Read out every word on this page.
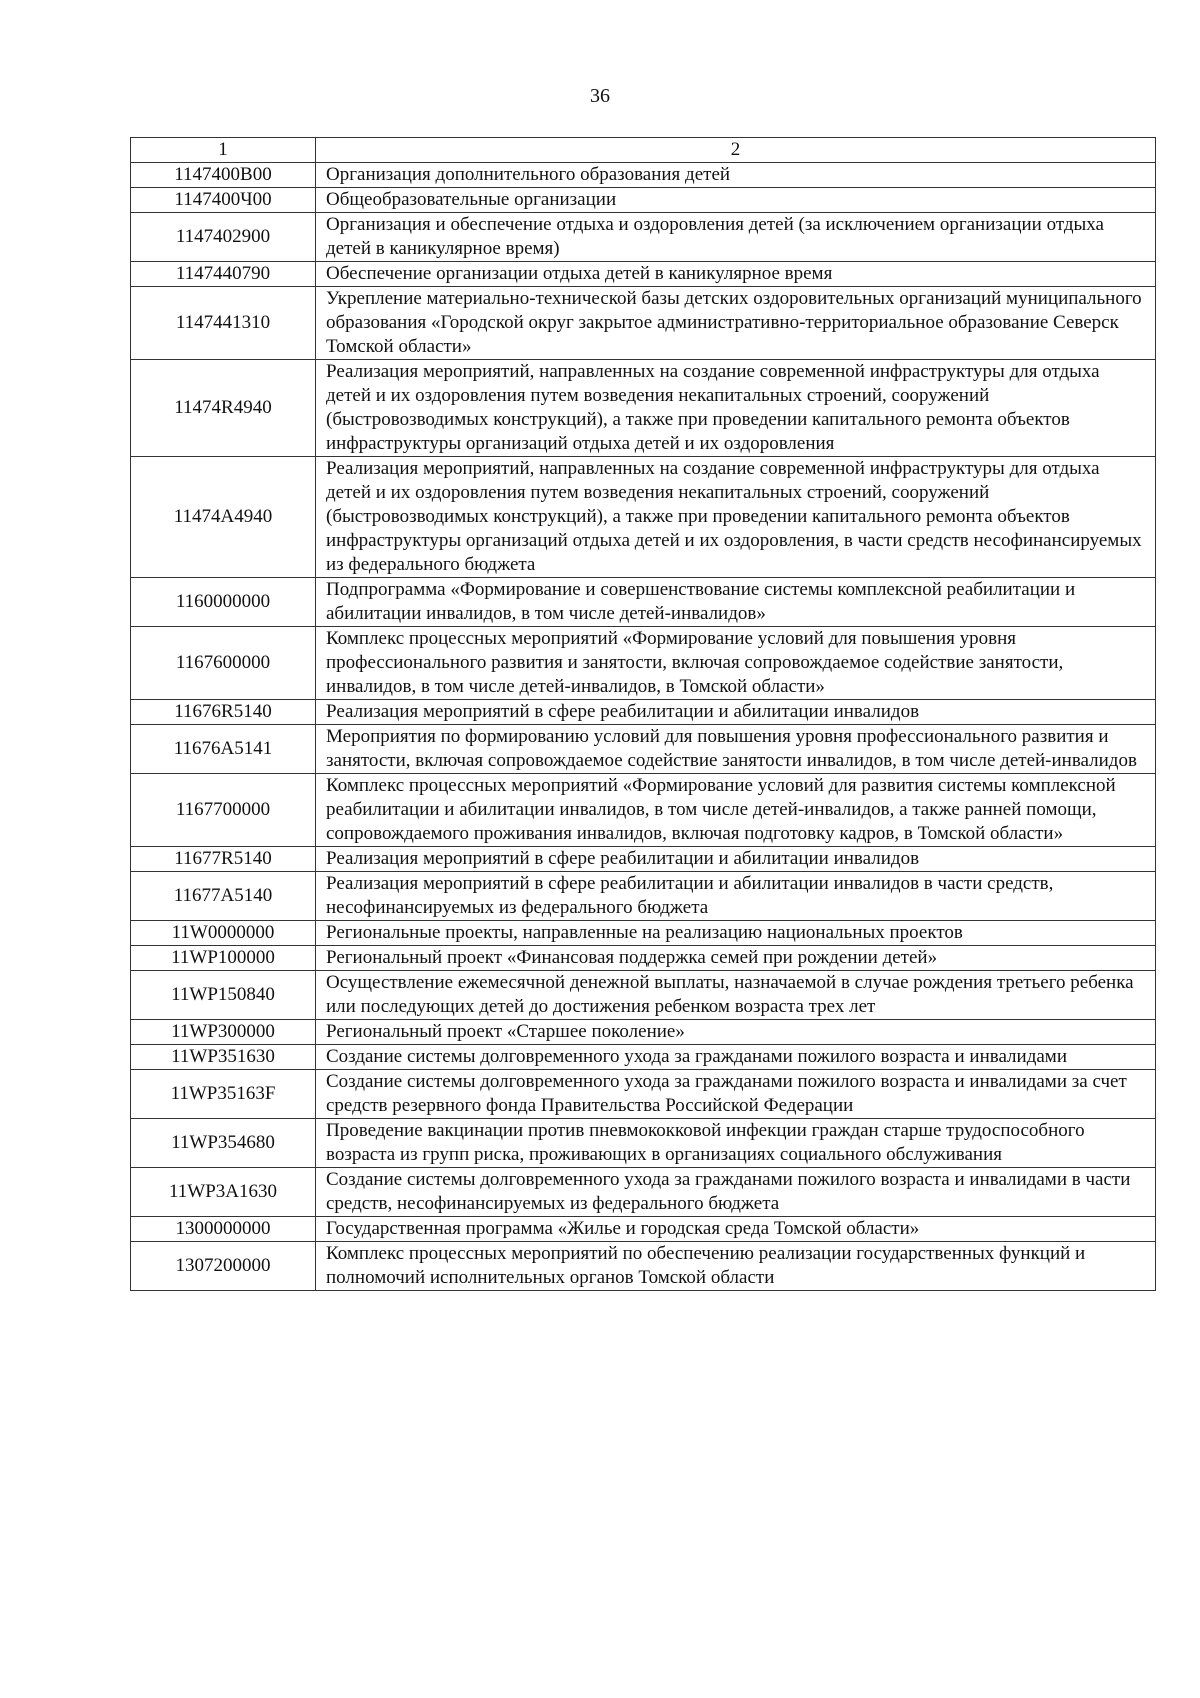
36
1	2
1147400В00	Организация дополнительного образования детей
1147400Ч00	Общеобразовательные организации
1147402900	Организация и обеспечение отдыха и оздоровления детей (за исключением организации отдыха детей в каникулярное время)
1147440790	Обеспечение организации отдыха детей в каникулярное время
1147441310	Укрепление материально-технической базы детских оздоровительных организаций муниципального образования «Городской округ закрытое административно-территориальное образование Северск Томской области»
11474R4940	Реализация мероприятий, направленных на создание современной инфраструктуры для отдыха детей и их оздоровления путем возведения некапитальных строений, сооружений (быстровозводимых конструкций), а также при проведении капитального ремонта объектов инфраструктуры организаций отдыха детей и их оздоровления
11474А4940	Реализация мероприятий, направленных на создание современной инфраструктуры для отдыха детей и их оздоровления путем возведения некапитальных строений, сооружений (быстровозводимых конструкций), а также при проведении капитального ремонта объектов инфраструктуры организаций отдыха детей и их оздоровления, в части средств несофинансируемых из федерального бюджета
1160000000	Подпрограмма «Формирование и совершенствование системы комплексной реабилитации и абилитации инвалидов, в том числе детей-инвалидов»
1167600000	Комплекс процессных мероприятий «Формирование условий для повышения уровня профессионального развития и занятости, включая сопровождаемое содействие занятости, инвалидов, в том числе детей-инвалидов, в Томской области»
11676R5140	Реализация мероприятий в сфере реабилитации и абилитации инвалидов
11676А5141	Мероприятия по формированию условий для повышения уровня профессионального развития и занятости, включая сопровождаемое содействие занятости инвалидов, в том числе детей-инвалидов
1167700000	Комплекс процессных мероприятий «Формирование условий для развития системы комплексной реабилитации и абилитации инвалидов, в том числе детей-инвалидов, а также ранней помощи, сопровождаемого проживания инвалидов, включая подготовку кадров, в Томской области»
11677R5140	Реализация мероприятий в сфере реабилитации и абилитации инвалидов
11677А5140	Реализация мероприятий в сфере реабилитации и абилитации инвалидов в части средств, несофинансируемых из федерального бюджета
11W0000000	Региональные проекты, направленные на реализацию национальных проектов
11WP100000	Региональный проект «Финансовая поддержка семей при рождении детей»
11WP150840	Осуществление ежемесячной денежной выплаты, назначаемой в случае рождения третьего ребенка или последующих детей до достижения ребенком возраста трех лет
11WP300000	Региональный проект «Старшее поколение»
11WP351630	Создание системы долговременного ухода за гражданами пожилого возраста и инвалидами
11WP35163F	Создание системы долговременного ухода за гражданами пожилого возраста и инвалидами за счет средств резервного фонда Правительства Российской Федерации
11WP354680	Проведение вакцинации против пневмококковой инфекции граждан старше трудоспособного возраста из групп риска, проживающих в организациях социального обслуживания
11WP3A1630	Создание системы долговременного ухода за гражданами пожилого возраста и инвалидами в части средств, несофинансируемых из федерального бюджета
1300000000	Государственная программа «Жилье и городская среда Томской области»
1307200000	Комплекс процессных мероприятий по обеспечению реализации государственных функций и полномочий исполнительных органов Томской области
